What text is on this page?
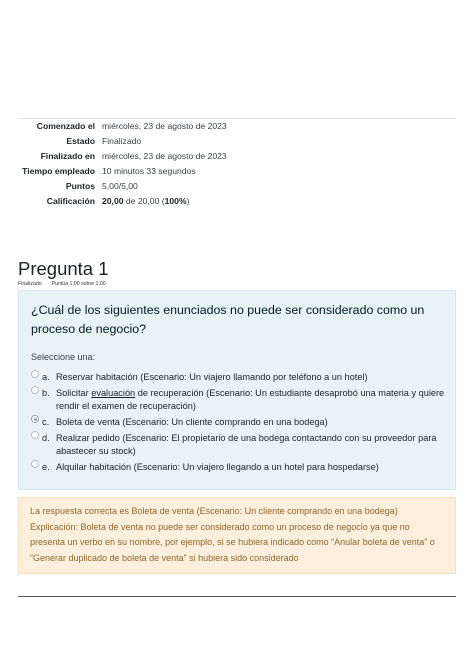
Comenzado el miércoles, 23 de agosto de 2023
Estado Finalizado
Finalizado en miércoles, 23 de agosto de 2023
Tiempo empleado 10 minutos 33 segundos
Puntos 5,00/5,00
Calificación 20,00 de 20,00 (100%)
Pregunta 1
Finalizado Puntúa 1,00 sobre 1,00
¿Cuál de los siguientes enunciados no puede ser considerado como un proceso de negocio?
Seleccione una:
a. Reservar habitación (Escenario: Un viajero llamando por teléfono a un hotel)
b. Solicitar evaluación de recuperación (Escenario: Un estudiante desaprobó una materia y quiere rendir el examen de recuperación)
c. Boleta de venta (Escenario: Un cliente comprando en una bodega)
d. Realizar pedido (Escenario: El propietario de una bodega contactando con su proveedor para abastecer su stock)
e. Alquilar habitación (Escenario: Un viajero llegando a un hotel para hospedarse)
La respuesta correcta es Boleta de venta (Escenario: Un cliente comprando en una bodega)
Explicación: Boleta de venta no puede ser considerado como un proceso de negocio ya que no presenta un verbo en su nombre, por ejemplo, si se hubiera indicado como “Anular boleta de venta” o “Generar duplicado de boleta de venta” si hubiera sido considerado
